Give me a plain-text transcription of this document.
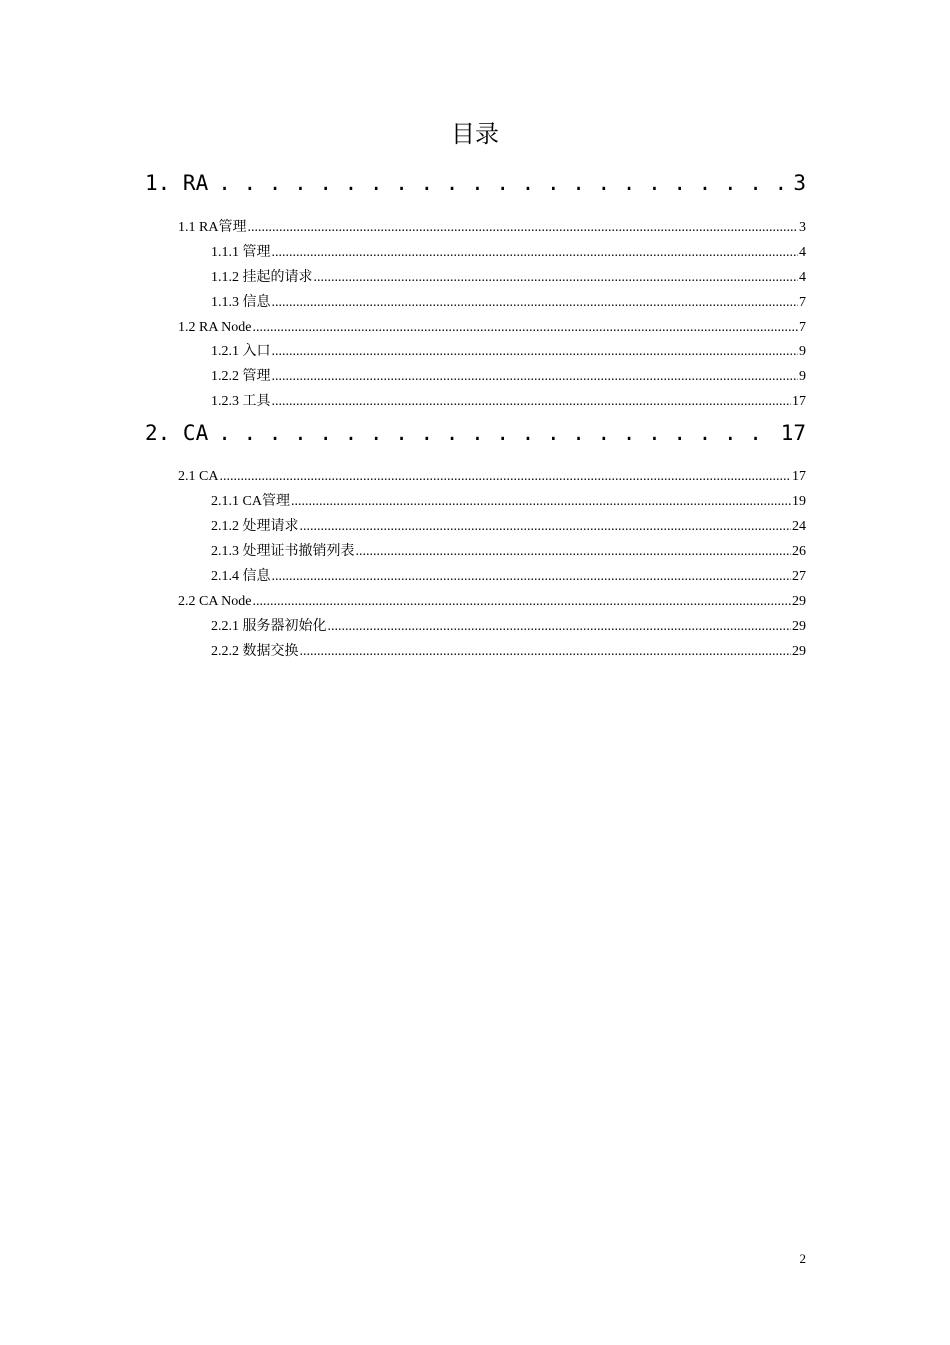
目录
1. RA . . .	3
1.1 RA管理 .....	3
1.1.1 管理 .....	4
1.1.2 挂起的请求 .....	4
1.1.3 信息 .....	7
1.2 RA Node .....	7
1.2.1 入口 .....	9
1.2.2 管理 .....	9
1.2.3 工具 .....	17
2. CA . . .	17
2.1 CA .....	17
2.1.1 CA管理 .....	19
2.1.2 处理请求 .....	24
2.1.3 处理证书撤销列表 .....	26
2.1.4 信息 .....	27
2.2 CA Node .....	29
2.2.1 服务器初始化 .....	29
2.2.2 数据交换 .....	29
2
